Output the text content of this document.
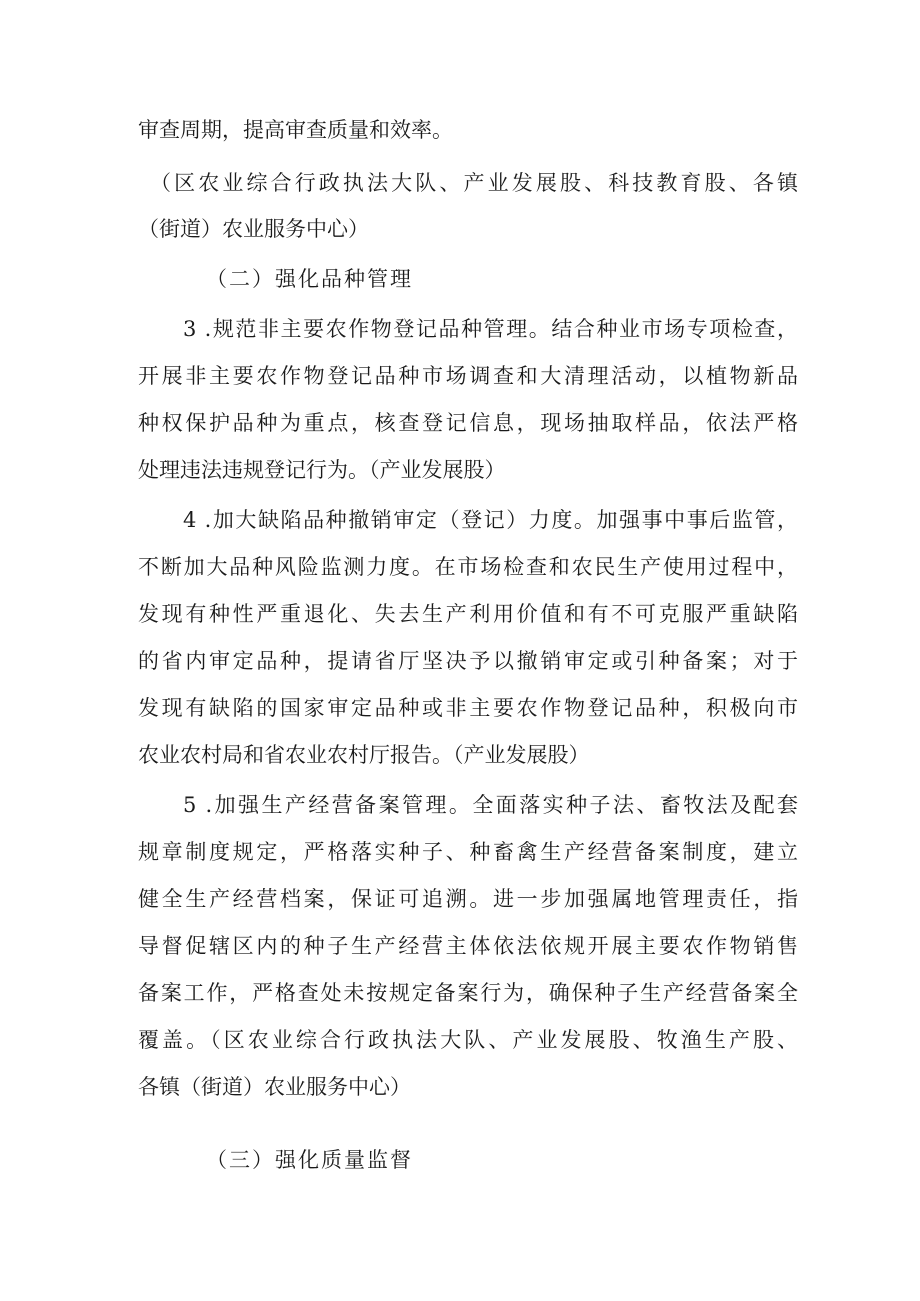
审查周期，提高审查质量和效率。
（区农业综合行政执法大队、产业发展股、科技教育股、各镇
（街道）农业服务中心）
（二）强化品种管理
3 .规范非主要农作物登记品种管理。结合种业市场专项检查，
开展非主要农作物登记品种市场调查和大清理活动，以植物新品
种权保护品种为重点，核查登记信息，现场抽取样品，依法严格
处理违法违规登记行为。（产业发展股）
4 .加大缺陷品种撤销审定（登记）力度。加强事中事后监管，
不断加大品种风险监测力度。在市场检查和农民生产使用过程中，
发现有种性严重退化、失去生产利用价值和有不可克服严重缺陷
的省内审定品种，提请省厅坚决予以撤销审定或引种备案；对于
发现有缺陷的国家审定品种或非主要农作物登记品种，积极向市
农业农村局和省农业农村厅报告。（产业发展股）
5 .加强生产经营备案管理。全面落实种子法、畜牧法及配套
规章制度规定，严格落实种子、种畜禽生产经营备案制度，建立
健全生产经营档案，保证可追溯。进一步加强属地管理责任，指
导督促辖区内的种子生产经营主体依法依规开展主要农作物销售
备案工作，严格查处未按规定备案行为，确保种子生产经营备案全
覆盖。（区农业综合行政执法大队、产业发展股、牧渔生产股、
各镇（街道）农业服务中心）
（三）强化质量监督
